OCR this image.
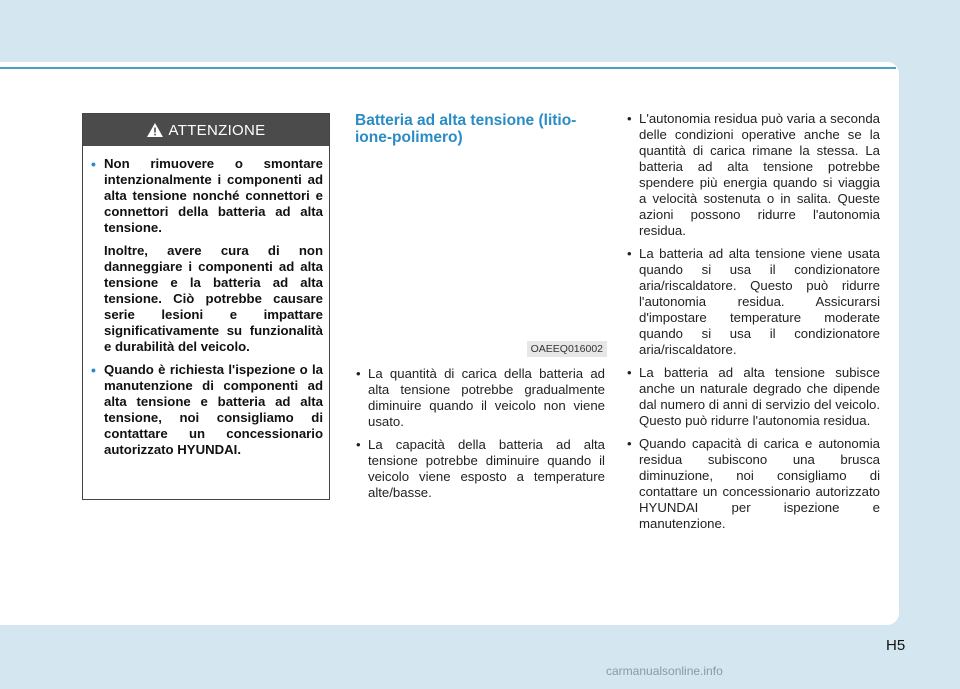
ATTENZIONE
• Non rimuovere o smontare intenzionalmente i componenti ad alta tensione nonché connettori e connettori della batteria ad alta tensione.
Inoltre, avere cura di non danneggiare i componenti ad alta tensione e la batteria ad alta tensione. Ciò potrebbe causare serie lesioni e impattare significativamente su funzionalità e durabilità del veicolo.
• Quando è richiesta l'ispezione o la manutenzione di componenti ad alta tensione e batteria ad alta tensione, noi consigliamo di contattare un concessionario autorizzato HYUNDAI.
Batteria ad alta tensione (litio-ione-polimero)
OAEEQ016002
• La quantità di carica della batteria ad alta tensione potrebbe gradualmente diminuire quando il veicolo non viene usato.
• La capacità della batteria ad alta tensione potrebbe diminuire quando il veicolo viene esposto a temperature alte/basse.
• L'autonomia residua può varia a seconda delle condizioni operative anche se la quantità di carica rimane la stessa. La batteria ad alta tensione potrebbe spendere più energia quando si viaggia a velocità sostenuta o in salita. Queste azioni possono ridurre l'autonomia residua.
• La batteria ad alta tensione viene usata quando si usa il condizionatore aria/riscaldatore. Questo può ridurre l'autonomia residua. Assicurarsi d'impostare temperature moderate quando si usa il condizionatore aria/riscaldatore.
• La batteria ad alta tensione subisce anche un naturale degrado che dipende dal numero di anni di servizio del veicolo. Questo può ridurre l'autonomia residua.
• Quando capacità di carica e autonomia residua subiscono una brusca diminuzione, noi consigliamo di contattare un concessionario autorizzato HYUNDAI per ispezione e manutenzione.
H5
carmanualsonline.info
